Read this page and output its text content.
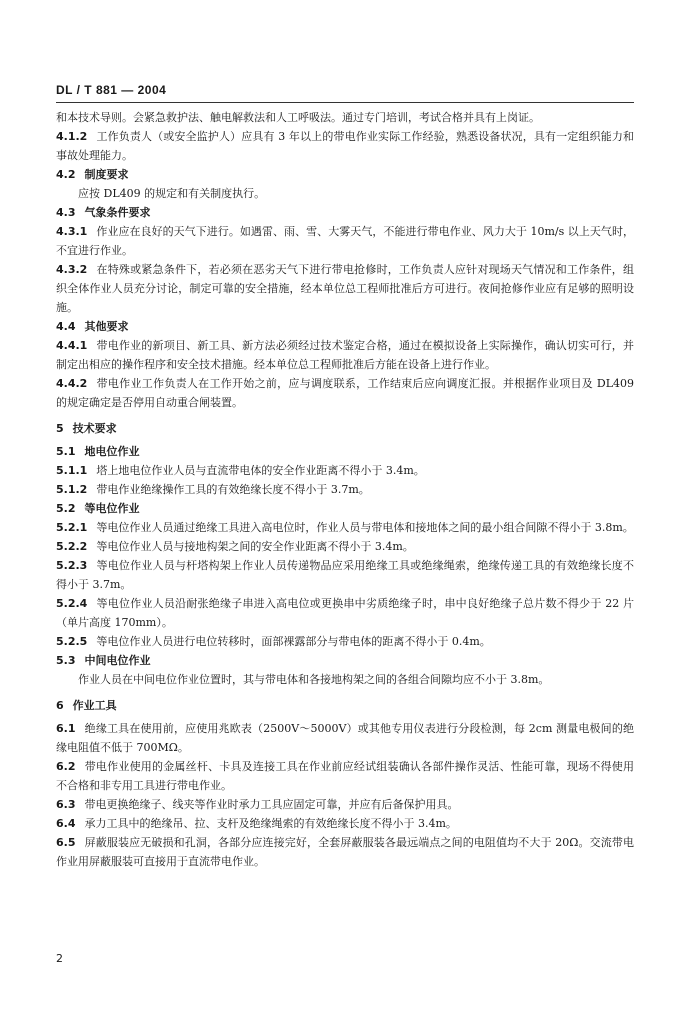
DL / T 881 — 2004
和本技术导则。会紧急救护法、触电解救法和人工呼吸法。通过专门培训，考试合格并具有上岗证。
4.1.2 工作负责人（或安全监护人）应具有 3 年以上的带电作业实际工作经验，熟悉设备状况，具有一定组织能力和事故处理能力。
4.2 制度要求
应按 DL409 的规定和有关制度执行。
4.3 气象条件要求
4.3.1 作业应在良好的天气下进行。如遇雷、雨、雪、大雾天气，不能进行带电作业、风力大于 10m/s 以上天气时，不宜进行作业。
4.3.2 在特殊或紧急条件下，若必须在恶劣天气下进行带电抢修时，工作负责人应针对现场天气情况和工作条件，组织全体作业人员充分讨论，制定可靠的安全措施，经本单位总工程师批准后方可进行。夜间抢修作业应有足够的照明设施。
4.4 其他要求
4.4.1 带电作业的新项目、新工具、新方法必须经过技术鉴定合格，通过在模拟设备上实际操作，确认切实可行，并制定出相应的操作程序和安全技术措施。经本单位总工程师批准后方能在设备上进行作业。
4.4.2 带电作业工作负责人在工作开始之前，应与调度联系，工作结束后应向调度汇报。并根据作业项目及 DL409 的规定确定是否停用自动重合闸装置。
5 技术要求
5.1 地电位作业
5.1.1 塔上地电位作业人员与直流带电体的安全作业距离不得小于 3.4m。
5.1.2 带电作业绝缘操作工具的有效绝缘长度不得小于 3.7m。
5.2 等电位作业
5.2.1 等电位作业人员通过绝缘工具进入高电位时，作业人员与带电体和接地体之间的最小组合间隙不得小于 3.8m。
5.2.2 等电位作业人员与接地构架之间的安全作业距离不得小于 3.4m。
5.2.3 等电位作业人员与杆塔构架上作业人员传递物品应采用绝缘工具或绝缘绳索，绝缘传递工具的有效绝缘长度不得小于 3.7m。
5.2.4 等电位作业人员沿耐张绝缘子串进入高电位或更换串中劣质绝缘子时，串中良好绝缘子总片数不得少于 22 片（单片高度 170mm）。
5.2.5 等电位作业人员进行电位转移时，面部裸露部分与带电体的距离不得小于 0.4m。
5.3 中间电位作业
作业人员在中间电位作业位置时，其与带电体和各接地构架之间的各组合间隙均应不小于 3.8m。
6 作业工具
6.1 绝缘工具在使用前，应使用兆欧表（2500V～5000V）或其他专用仪表进行分段检测，每 2cm 测量电极间的绝缘电阻值不低于 700MΩ。
6.2 带电作业使用的金属丝杆、卡具及连接工具在作业前应经试组装确认各部件操作灵活、性能可靠，现场不得使用不合格和非专用工具进行带电作业。
6.3 带电更换绝缘子、线夹等作业时承力工具应固定可靠，并应有后备保护用具。
6.4 承力工具中的绝缘吊、拉、支杆及绝缘绳索的有效绝缘长度不得小于 3.4m。
6.5 屏蔽服装应无破损和孔洞，各部分应连接完好，全套屏蔽服装各最远端点之间的电阻值均不大于 20Ω。交流带电作业用屏蔽服装可直接用于直流带电作业。
2
